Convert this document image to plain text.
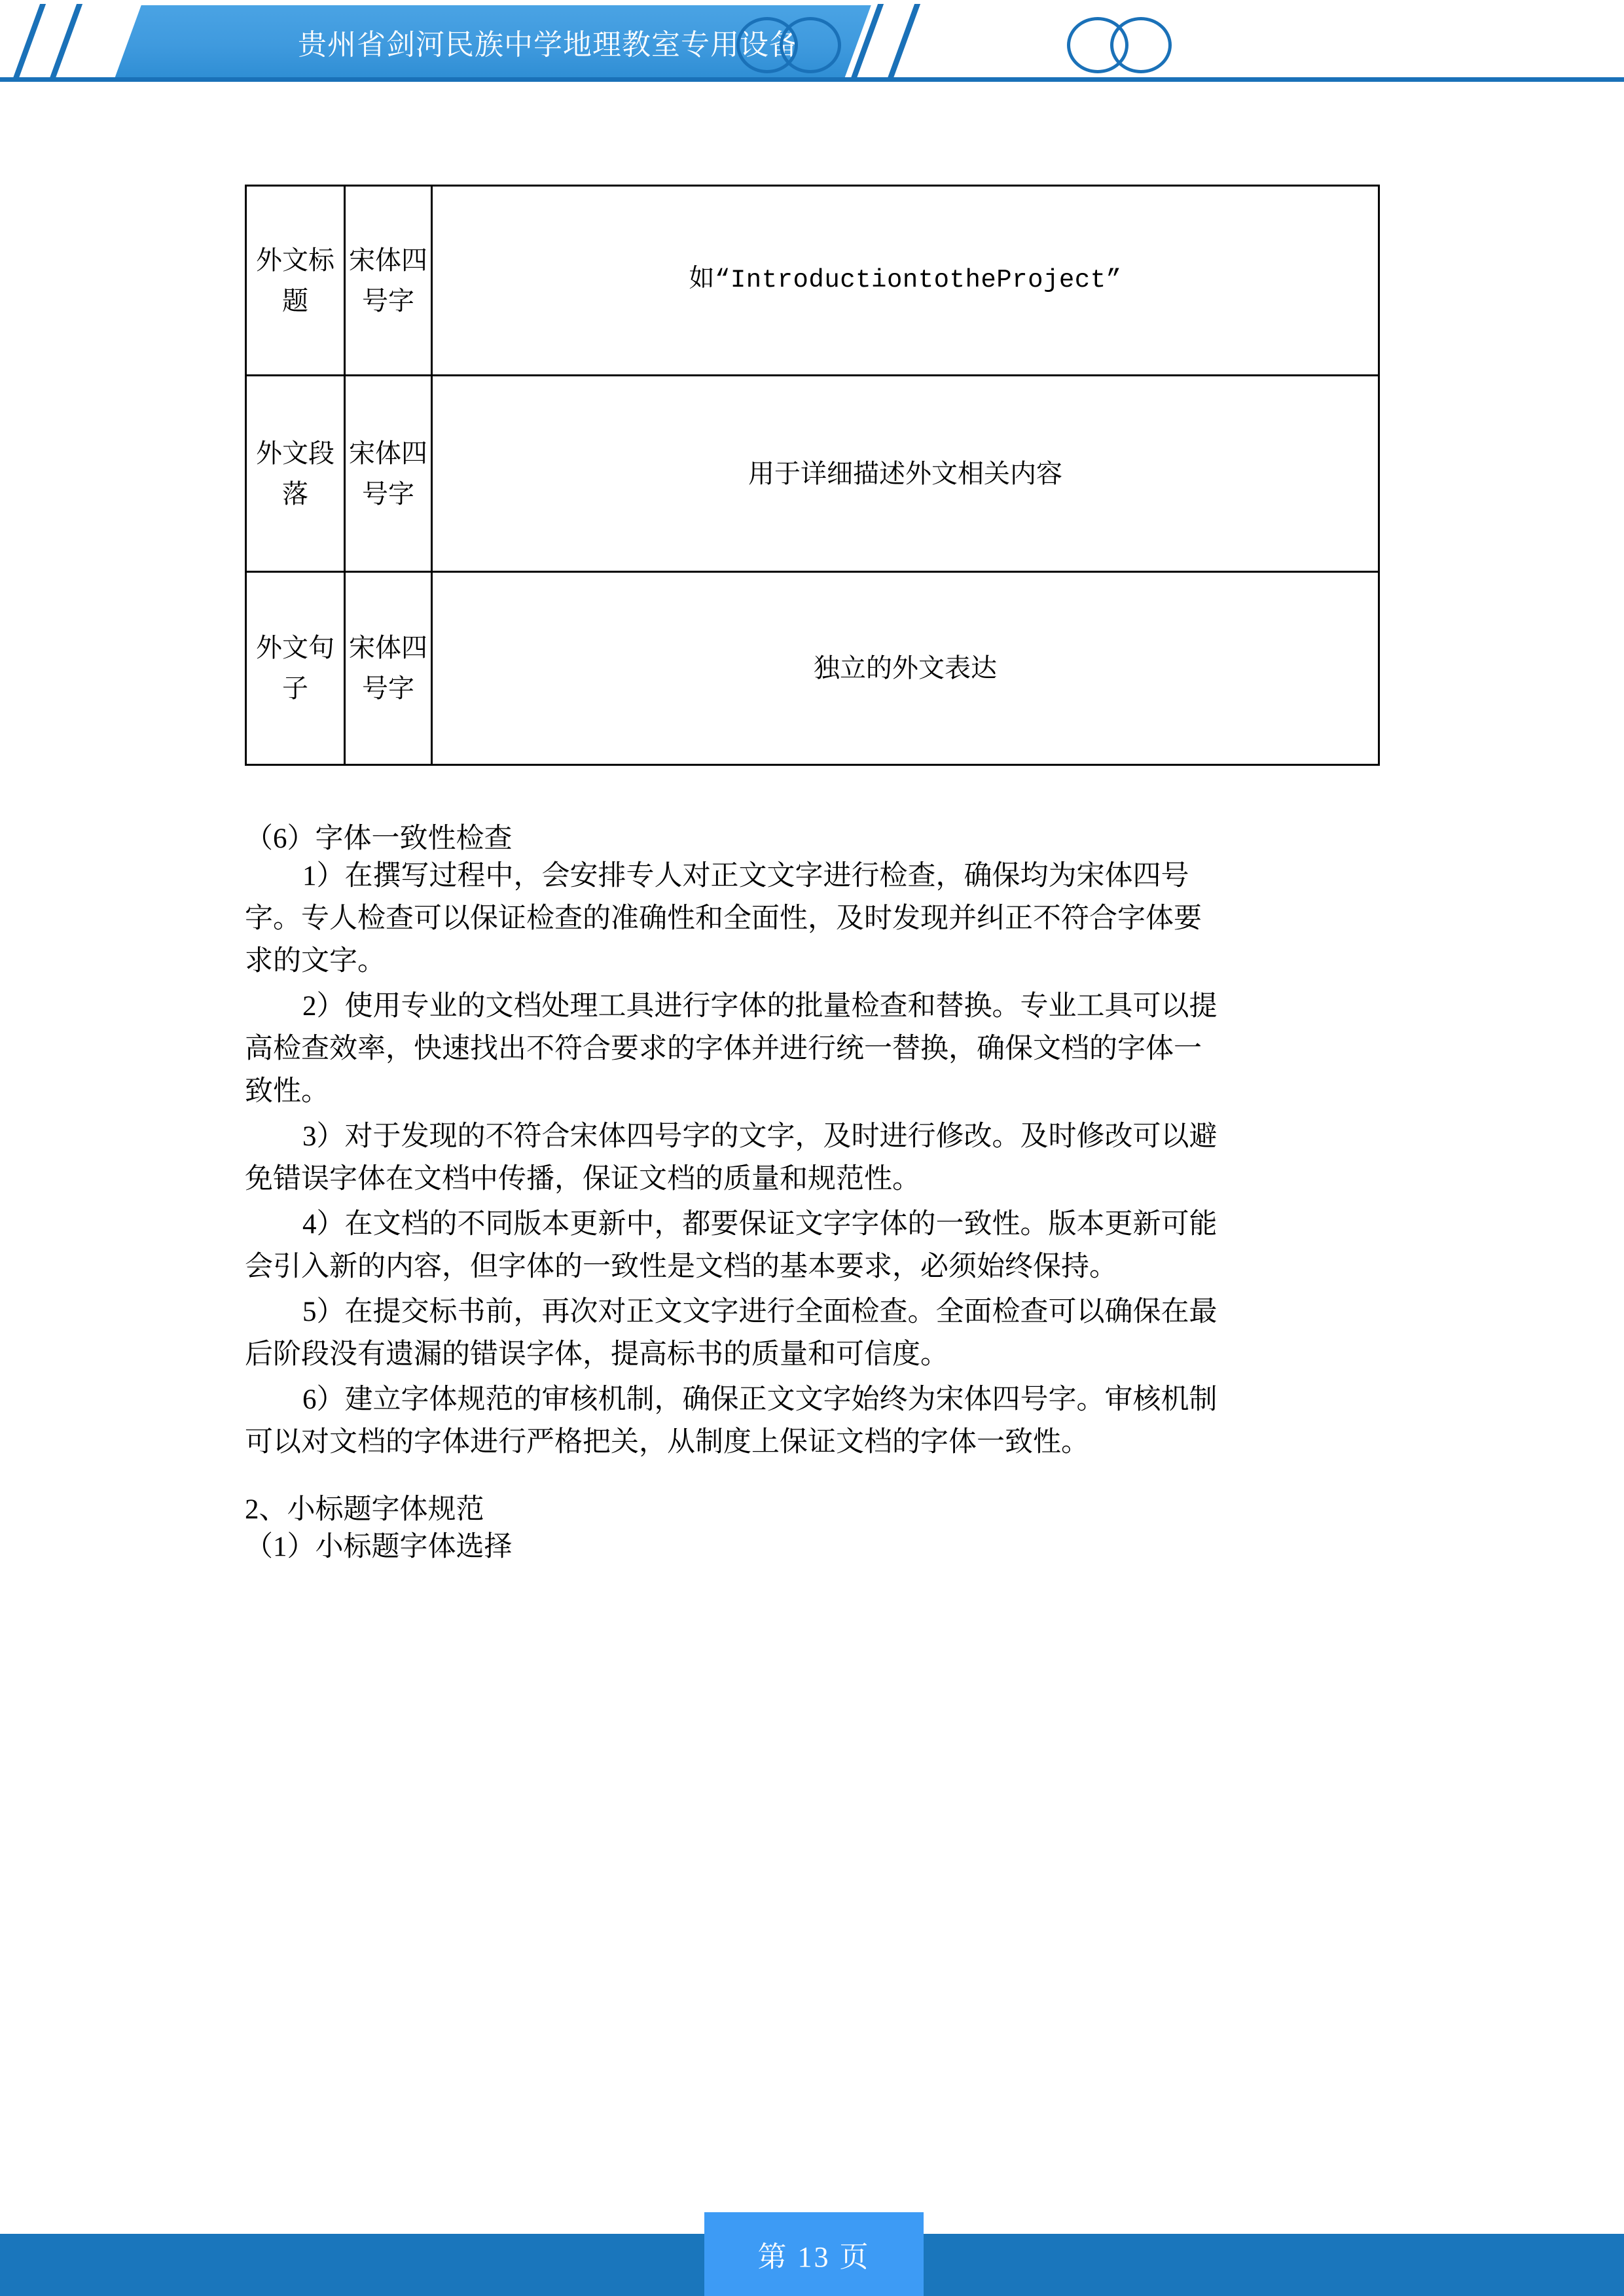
贵州省剑河民族中学地理教室专用设备
外文标题	宋体四号字	如“IntroductiontotheProject”
外文段落	宋体四号字	用于详细描述外文相关内容
外文句子	宋体四号字	独立的外文表达
（6）字体一致性检查
1）在撰写过程中，会安排专人对正文文字进行检查，确保均为宋体四号
字。专人检查可以保证检查的准确性和全面性，及时发现并纠正不符合字体要
求的文字。
2）使用专业的文档处理工具进行字体的批量检查和替换。专业工具可以提
高检查效率，快速找出不符合要求的字体并进行统一替换，确保文档的字体一
致性。
3）对于发现的不符合宋体四号字的文字，及时进行修改。及时修改可以避
免错误字体在文档中传播，保证文档的质量和规范性。
4）在文档的不同版本更新中，都要保证文字字体的一致性。版本更新可能
会引入新的内容，但字体的一致性是文档的基本要求，必须始终保持。
5）在提交标书前，再次对正文文字进行全面检查。全面检查可以确保在最
后阶段没有遗漏的错误字体，提高标书的质量和可信度。
6）建立字体规范的审核机制，确保正文文字始终为宋体四号字。审核机制
可以对文档的字体进行严格把关，从制度上保证文档的字体一致性。
2、小标题字体规范
（1）小标题字体选择
第 13 页
